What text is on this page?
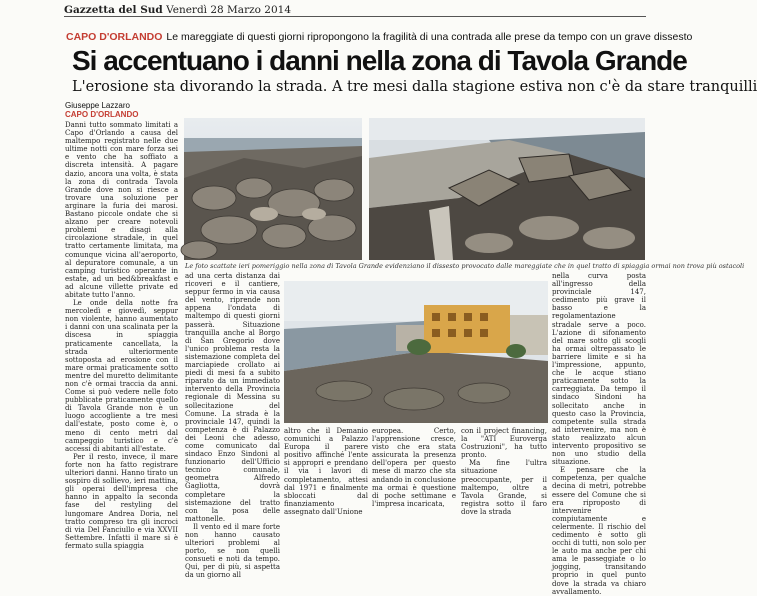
Gazzetta del Sud Venerdì 28 Marzo 2014
CAPO D'ORLANDO Le mareggiate di questi giorni ripropongono la fragilità di una contrada alle prese da tempo con un grave dissesto
Si accentuano i danni nella zona di Tavola Grande
L'erosione sta divorando la strada. A tre mesi dalla stagione estiva non c'è da stare tranquilli
Giuseppe Lazzaro
CAPO D'ORLANDO

Danni tutto sommato limitati a Capo d'Orlando a causa del maltempo registrato nelle due ultime notti con mare forza sei e vento che ha soffiato a discreta intensità. A pagare dazio, ancora una volta, è stata la zona di contrada Tavola Grande dove non si riesce a trovare una soluzione per arginare la furia dei marosi. Bastano piccole ondate che si alzano per creare notevoli problemi e disagi alla circolazione stradale, in quel tratto certamente limitata, ma comunque vicina all'aeroporto, al depuratore comunale, a un camping turistico operante in estate, ad un bed&breakfast e ad alcune villette private ed abitate tutto l'anno.

Le onde della notte fra mercoledì e giovedì, seppur non violente, hanno aumentato i danni con una scalinata per la discesa in spiaggia praticamente cancellata, la strada ulteriormente sottoposta ad erosione con il mare ormai praticamente sotto mentre del muretto delimitante non c'è ormai traccia da anni. Come si può vedere nelle foto pubblicate praticamente quello di Tavola Grande non è un luogo accogliente a tre mesi dall'estate, posto come è, o meno di cento metri dal campeggio turistico e c'è accessi di abitanti all'estate.

Per il resto, invece, il mare forte non ha fatto registrare ulteriori danni. Hanno tirato un sospiro di sollievo, ieri mattina, gli operai dell'impresa che hanno in appalto la seconda fase del restyling del lungomare Andrea Doria, nel tratto compreso tra gli incroci di via Del Fanciullo e via XXVII Settembre. Infatti il mare si è fermato sulla spiaggia

Le foto scattate ieri pomeriggio nella zona di Tavola Grande evidenziano il dissesto provocato dalle mareggiate che in quel tratto di spiaggia ormai non trova più ostacoli

ad una certa distanza dai ricoveri e il cantiere, seppur fermo in via causa del vento, riprende non appena l'ondata di maltempo di questi giorni passerà. Situazione tranquilla anche al Borgo di San Gregorio dove l'unico problema resta la sistemazione completa del marciapiede crollato ai piedi di mesi fa a subito riparato da un immediato intervento della Provincia regionale di Messina su sollecitazione del Comune. La strada è la provinciale 147, quindi la competenza è di Palazzo dei Leoni che adesso, come comunicato dal sindaco Enzo Sindoni al funzionario dell'Ufficio tecnico comunale, geometra Alfredo Gagliotta, dovrà completare la sistemazione del tratto con la posa delle mattonelle.

Il vento ed il mare forte non hanno causato ulteriori problemi al porto, se non quelli consueti e noti da tempo. Qui, per di più, si aspetta da un giorno all

altro che il Demanio comunichi a Palazzo Europa il parere positivo affinché l'ente si appropri e prendano il via i lavori di completamento, attesi dal 1971 e finalmente sbloccati dal finanziamento assegnato dall'Unione

europea. Certo, l'apprensione cresce, visto che era stata assicurata la presenza dell'opera per questo mese di marzo che sta andando in conclusione ma ormai è questione di poche settimane e l'impresa incaricata,

con il project financing, la "ATI Euroverga Costruzioni", ha tutto pronto.

Ma fine l'ultra situazione preoccupante, per il maltempo, oltre a Tavola Grande, si registra sotto il faro dove la strada

nella curva posta all'ingresso della provinciale 147, cedimento più grave il basso e la regolamentazione stradale serve a poco. L'azione di sifonamento del mare sotto gli scogli ha ormai oltrepassato le barriere limite e si ha l'impressione, appunto, che le acque stiano praticamente sotto la carreggiata. Da tempo il sindaco Sindoni ha sollecitato anche in questo caso la Provincia, competente sulla strada ad intervenire, ma non è stato realizzato alcun intervento propositivo se non uno studio della situazione.

E pensare che la competenza, per qualche decina di metri, potrebbe essere del Comune che si era riproposto di intervenire compiutamente e celermente. Il rischio del cedimento è sotto gli occhi di tutti, non solo per le auto ma anche per chi ama le passeggiate o lo jogging, transitando proprio in quel punto dove la strada va chiaro avvallamento.
